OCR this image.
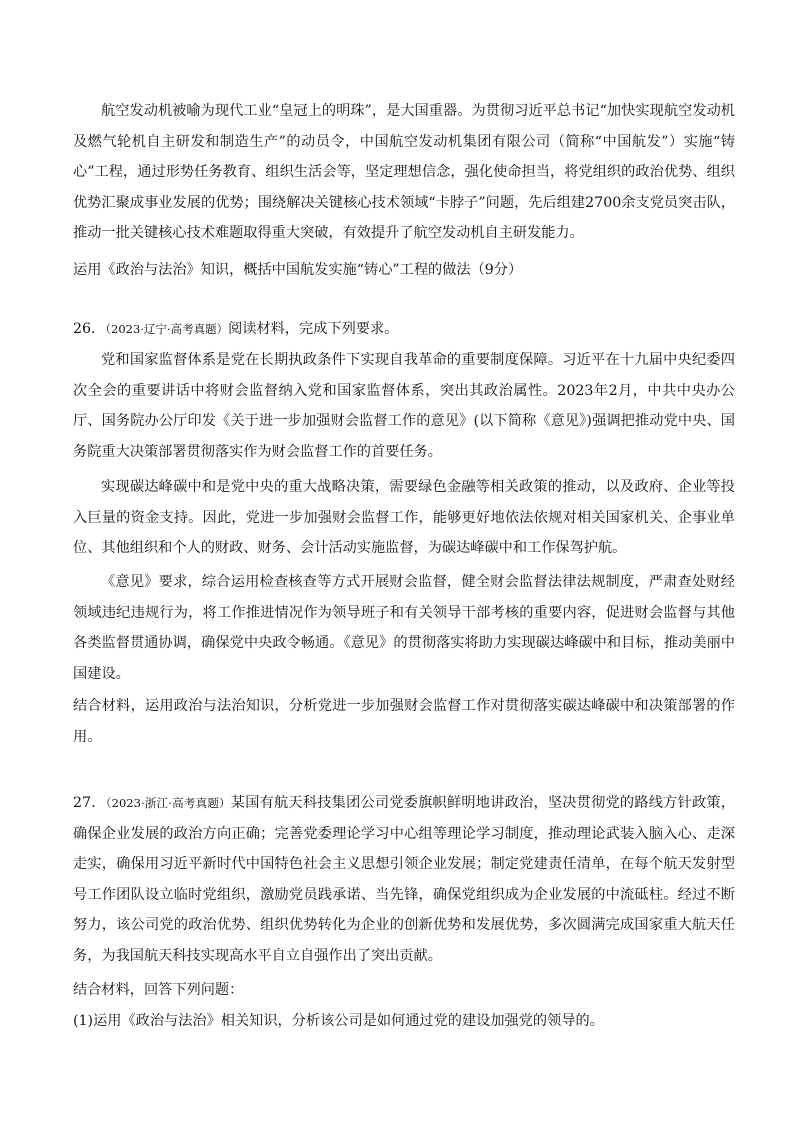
航空发动机被喻为现代工业“皇冠上的明珠”，是大国重器。为贯彻习近平总书记“加快实现航空发动机及燃气轮机自主研发和制造生产”的动员令，中国航空发动机集团有限公司（简称“中国航发”）实施“铸心”工程，通过形势任务教育、组织生活会等，坚定理想信念，强化使命担当，将党组织的政治优势、组织优势汇聚成事业发展的优势；围绕解决关键核心技术领域“卡脖子”问题，先后组建2700余支党员突击队，推动一批关键核心技术难题取得重大突破，有效提升了航空发动机自主研发能力。

运用《政治与法治》知识，概括中国航发实施“铸心”工程的做法（9分）

26．（2023·辽宁·高考真题）阅读材料，完成下列要求。

党和国家监督体系是党在长期执政条件下实现自我革命的重要制度保障。习近平在十九届中央纪委四次全会的重要讲话中将财会监督纳入党和国家监督体系，突出其政治属性。2023年2月，中共中央办公厅、国务院办公厅印发《关于进一步加强财会监督工作的意见》(以下简称《意见》)强调把推动党中央、国务院重大决策部署贯彻落实作为财会监督工作的首要任务。

实现碳达峰碳中和是党中央的重大战略决策，需要绿色金融等相关政策的推动，以及政府、企业等投入巨量的资金支持。因此，党进一步加强财会监督工作，能够更好地依法依规对相关国家机关、企事业单位、其他组织和个人的财政、财务、会计活动实施监督，为碳达峰碳中和工作保驾护航。

《意见》要求，综合运用检查核查等方式开展财会监督，健全财会监督法律法规制度，严肃查处财经领域违纪违规行为，将工作推进情况作为领导班子和有关领导干部考核的重要内容，促进财会监督与其他各类监督贯通协调，确保党中央政令畅通。《意见》的贯彻落实将助力实现碳达峰碳中和目标，推动美丽中国建设。

结合材料，运用政治与法治知识，分析党进一步加强财会监督工作对贯彻落实碳达峰碳中和决策部署的作用。

27．（2023·浙江·高考真题）某国有航天科技集团公司党委旗帜鲜明地讲政治，坚决贯彻党的路线方针政策，确保企业发展的政治方向正确；完善党委理论学习中心组等理论学习制度，推动理论武装入脑入心、走深走实，确保用习近平新时代中国特色社会主义思想引领企业发展；制定党建责任清单，在每个航天发射型号工作团队设立临时党组织，激励党员践承诺、当先锋，确保党组织成为企业发展的中流砥柱。经过不断努力，该公司党的政治优势、组织优势转化为企业的创新优势和发展优势，多次圆满完成国家重大航天任务，为我国航天科技实现高水平自立自强作出了突出贡献。

结合材料，回答下列问题：

(1)运用《政治与法治》相关知识，分析该公司是如何通过党的建设加强党的领导的。
